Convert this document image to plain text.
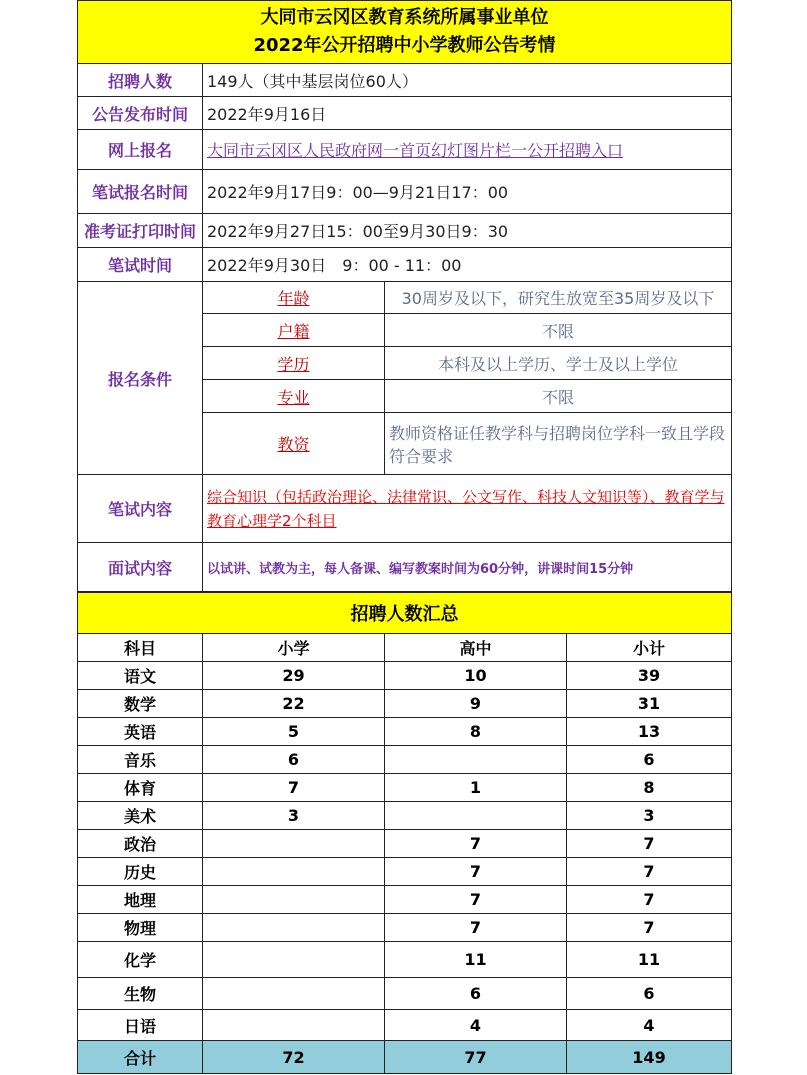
大同市云冈区教育系统所属事业单位
2022年公开招聘中小学教师公告考情		

招聘人数	149人（其中基层岗位60人）	
公告发布时间	2022年9月16日	
网上报名	大同市云冈区人民政府网一首页幻灯图片栏一公开招聘入口	
笔试报名时间	2022年9月17日9：00—9月21日17：00	
准考证打印时间	2022年9月27日15：00至9月30日9：30	
笔试时间	2022年9月30日　9：00 - 11：00	
报名条件	年龄	30周岁及以下，研究生放宽至35周岁及以下
	户籍	不限
	学历	本科及以上学历、学士及以上学位
	专业	不限
	教资	教师资格证任教学科与招聘岗位学科一致且学段符合要求
笔试内容	综合知识（包括政治理论、法律常识、公文写作、科技人文知识等）、教育学与教育心理学2个科目	
面试内容	以试讲、试教为主，每人备课、编写教案时间为60分钟，讲课时间15分钟	
招聘人数汇总			
科目	小学	高中	小计
语文	29	10	39
数学	22	9	31
英语	5	8	13
音乐	6		6
体育	7	1	8
美术	3		3
政治		7	7
历史		7	7
地理		7	7
物理		7	7
化学		11	11
生物		6	6
日语		4	4
合计	72	77	149
